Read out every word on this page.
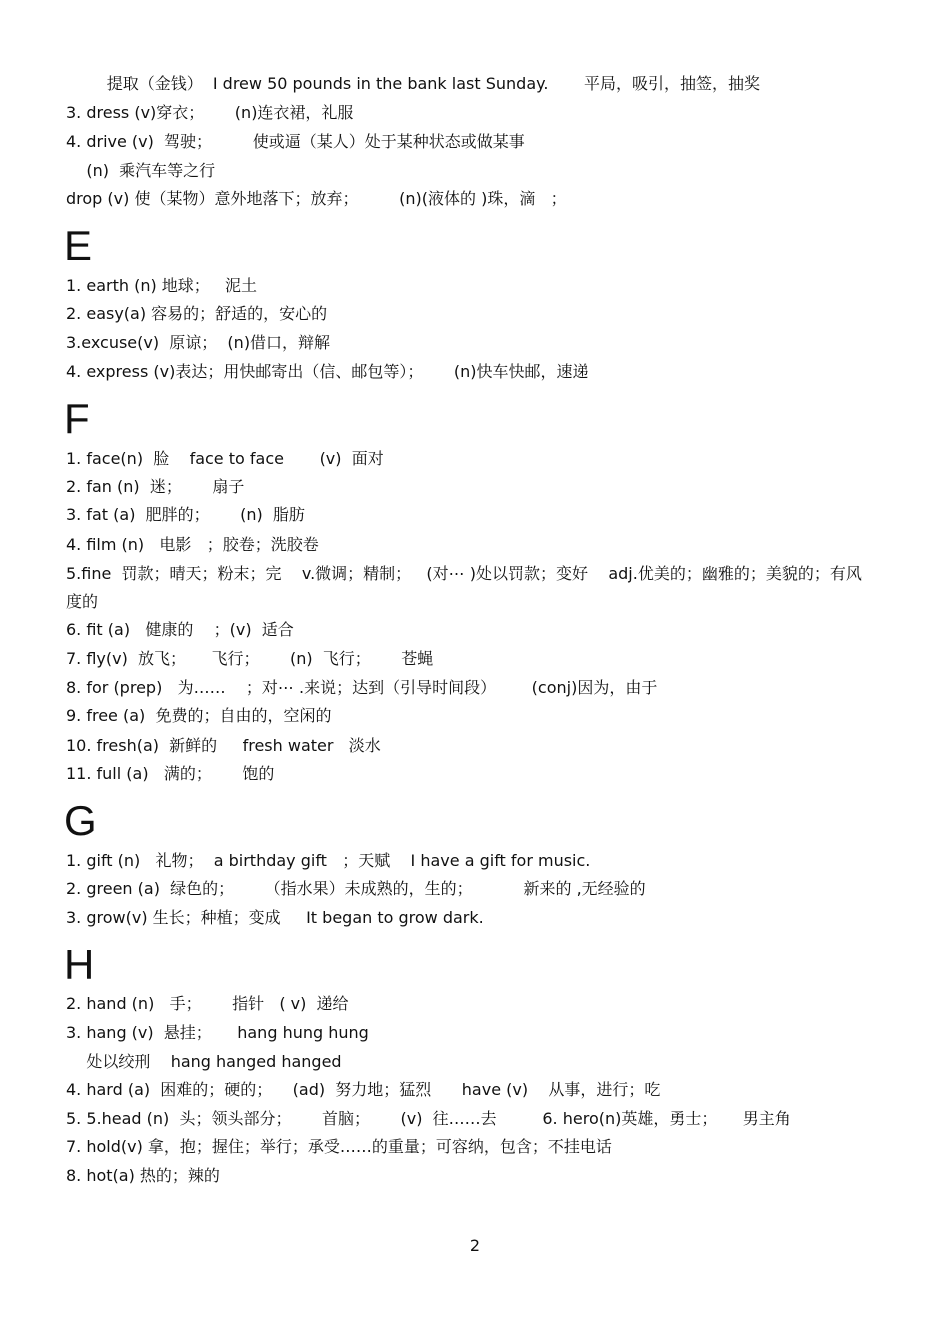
提取（金钱）  I drew 50 pounds in the bank last Sunday.       平局，吸引，抽签，抽奖
3. dress (v)穿衣；      (n)连衣裙，礼服
4. drive (v)  驾驶；        使或逼（某人）处于某种状态或做某事
(n)  乘汽车等之行
drop (v) 使（某物）意外地落下；放弃；        (n)(液体的 )珠，滴   ；
E
1. earth (n) 地球；   泥土
2. easy(a) 容易的；舒适的，安心的
3.excuse(v)  原谅；  (n)借口，辩解
4. express (v)表达；用快邮寄出（信、邮包等）；      (n)快车快邮，速递
F
1. face(n)  脸    face to face       (v)  面对
2. fan (n)  迷；      扇子
3. fat (a)  肥胖的；      (n)  脂肪
4. film (n)   电影   ；胶卷；洗胶卷
5.fine  罚款；晴天；粉末；完    v.微调；精制；   (对⋯ )处以罚款；变好    adj.优美的；幽雅的；美貌的；有风度的
6. fit (a)   健康的    ；(v)  适合
7. fly(v)  放飞；     飞行；      (n)  飞行；      苍蝇
8. for (prep)   为……    ；对⋯ .来说；达到（引导时间段）       (conj)因为，由于
9. free (a)  免费的；自由的，空闲的
10. fresh(a)  新鲜的     fresh water   淡水
11. full (a)   满的；      饱的
G
1. gift (n)   礼物；  a birthday gift   ；天赋    I have a gift for music.
2. green (a)  绿色的；      （指水果）未成熟的，生的；          新来的 ,无经验的
3. grow(v) 生长；种植；变成     It began to grow dark.
H
2. hand (n)   手；      指针   ( v)  递给
3. hang (v)  悬挂；     hang hung hung
处以绞刑    hang hanged hanged
4. hard (a)  困难的；硬的；    (ad)  努力地；猛烈      have (v)    从事，进行；吃
5. 5.head (n)  头；领头部分；      首脑；      (v)  往……去         6. hero(n)英雄，勇士；     男主角
7. hold(v) 拿，抱；握住；举行；承受……的重量；可容纳，包含；不挂电话
8. hot(a) 热的；辣的
2
